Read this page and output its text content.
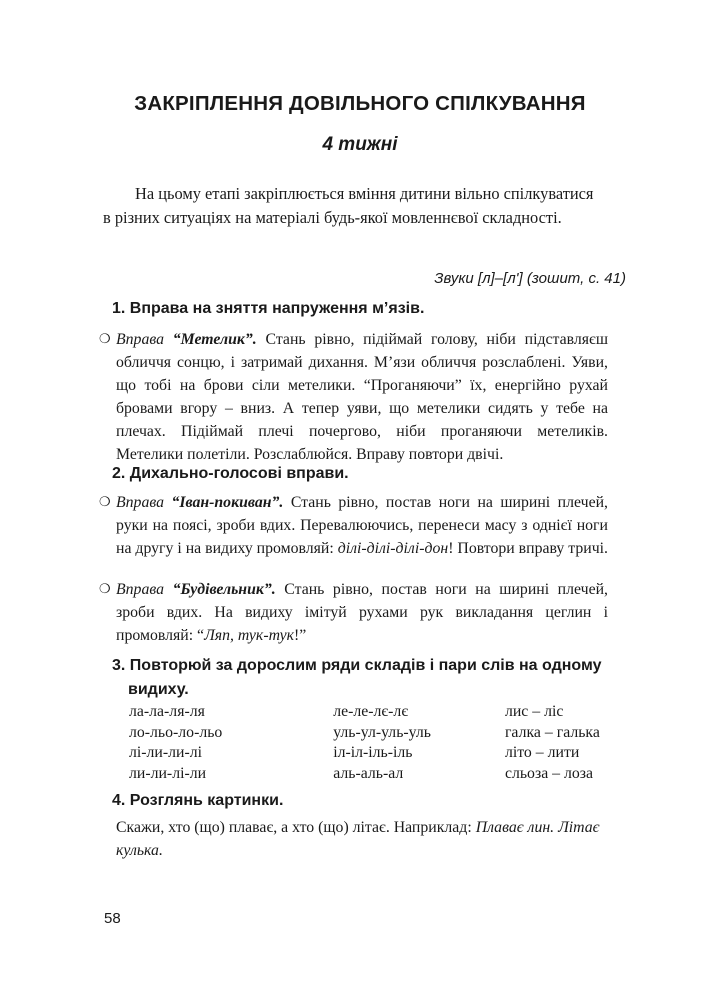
ЗАКРІПЛЕННЯ ДОВІЛЬНОГО СПІЛКУВАННЯ
4 тижні
На цьому етапі закріплюється вміння дитини вільно спілкуватися
в різних ситуаціях на матеріалі будь-якої мовленнєвої складності.
Звуки [л]–[л'] (зошит, с. 41)
1. Вправа на зняття напруження м’язів.
❍ Вправа “Метелик”. Стань рівно, підіймай голову, ніби підставляєш обличчя сонцю, і затримай дихання. М’язи обличчя розслаблені. Уяви, що тобі на брови сіли метелики. “Проганяючи” їх, енергійно рухай бровами вгору – вниз. А тепер уяви, що метелики сидять у тебе на плечах. Підіймай плечі почергово, ніби проганяючи метеликів. Метелики полетіли. Розслаблюйся. Вправу повтори двічі.
2. Дихально-голосові вправи.
❍ Вправа “Іван-покиван”. Стань рівно, постав ноги на ширині плечей, руки на поясі, зроби вдих. Перевалюючись, перенеси масу з однієї ноги на другу і на видиху промовляй: ділі-ділі-ділі-дон! Повтори вправу тричі.
❍ Вправа “Будівельник”. Стань рівно, постав ноги на ширині плечей, зроби вдих. На видиху імітуй рухами рук викладання цеглин і промовляй: “Ляп, тук-тук!”
3. Повторюй за дорослим ряди складів і пари слів на одному
видиху.
ла-ла-ля-ля	ле-ле-лє-лє	лис – ліс
ло-льо-ло-льо	уль-ул-уль-уль	галка – галька
лі-ли-ли-лі	іл-іл-іль-іль	літо – лити
ли-ли-лі-ли	аль-аль-ал	сльоза – лоза
4. Розглянь картинки.
Скажи, хто (що) плаває, а хто (що) літає. Наприклад: Плаває лин. Літає кулька.
58
